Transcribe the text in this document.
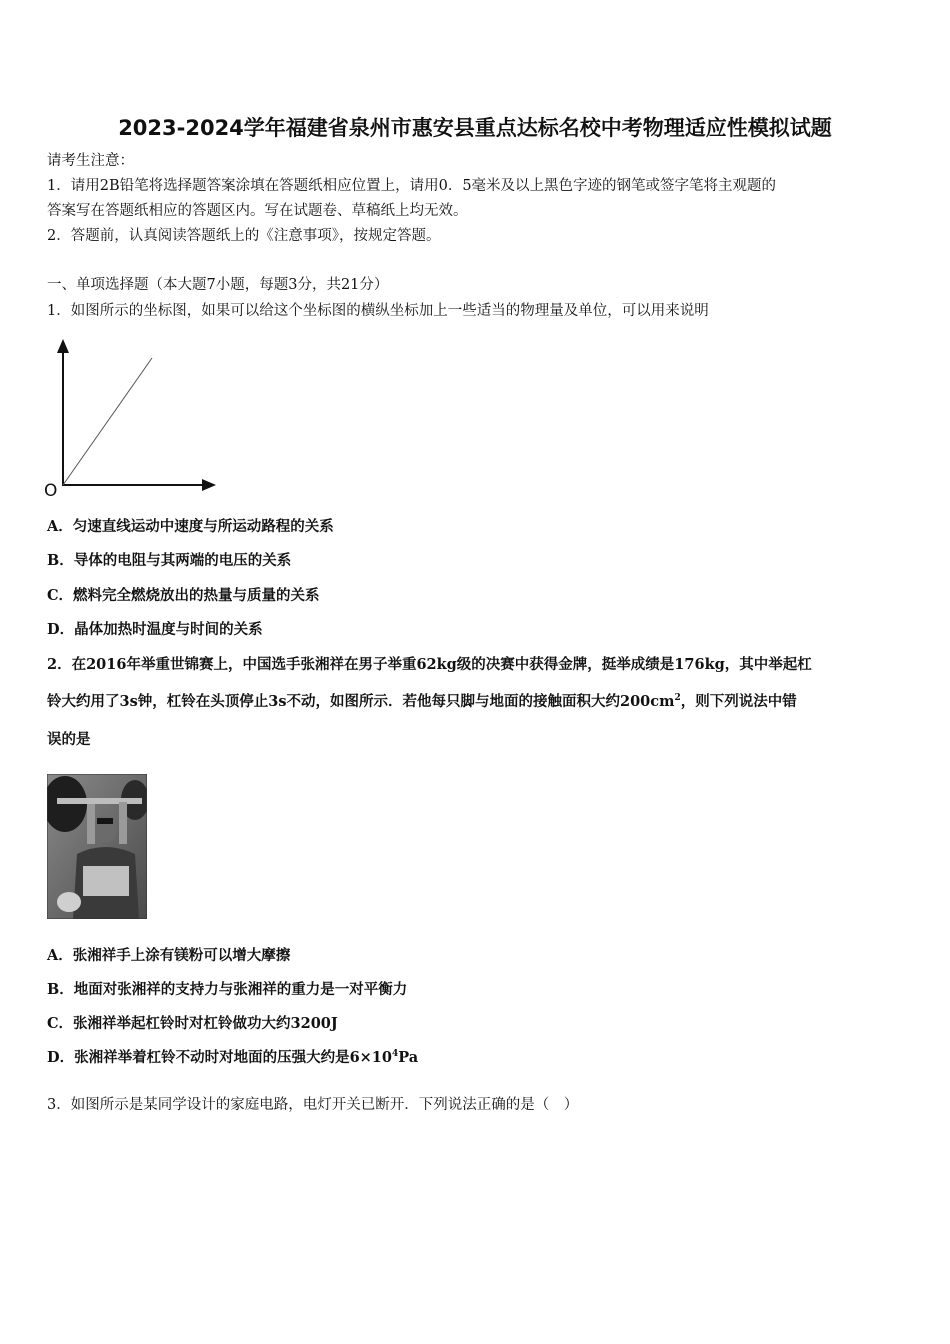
2023-2024学年福建省泉州市惠安县重点达标名校中考物理适应性模拟试题
请考生注意：
1．请用2B铅笔将选择题答案涂填在答题纸相应位置上，请用0．5毫米及以上黑色字迹的钢笔或签字笔将主观题的
答案写在答题纸相应的答题区内。写在试题卷、草稿纸上均无效。
2．答题前，认真阅读答题纸上的《注意事项》，按规定答题。
一、单项选择题（本大题7小题，每题3分，共21分）
1．如图所示的坐标图，如果可以给这个坐标图的横纵坐标加上一些适当的物理量及单位，可以用来说明
O
A．匀速直线运动中速度与所运动路程的关系
B．导体的电阻与其两端的电压的关系
C．燃料完全燃烧放出的热量与质量的关系
D．晶体加热时温度与时间的关系
2．在2016年举重世锦赛上，中国选手张湘祥在男子举重62kg级的决赛中获得金牌，挺举成绩是176kg，其中举起杠
铃大约用了3s钟，杠铃在头顶停止3s不动，如图所示．若他每只脚与地面的接触面积大约$200cm^2$，则下列说法中错
误的是
A．张湘祥手上涂有镁粉可以增大摩擦
B．地面对张湘祥的支持力与张湘祥的重力是一对平衡力
C．张湘祥举起杠铃时对杠铃做功大约3200J
D．张湘祥举着杠铃不动时对地面的压强大约是$6\times 10^4Pa$
3．如图所示是某同学设计的家庭电路，电灯开关已断开．下列说法正确的是（　）
